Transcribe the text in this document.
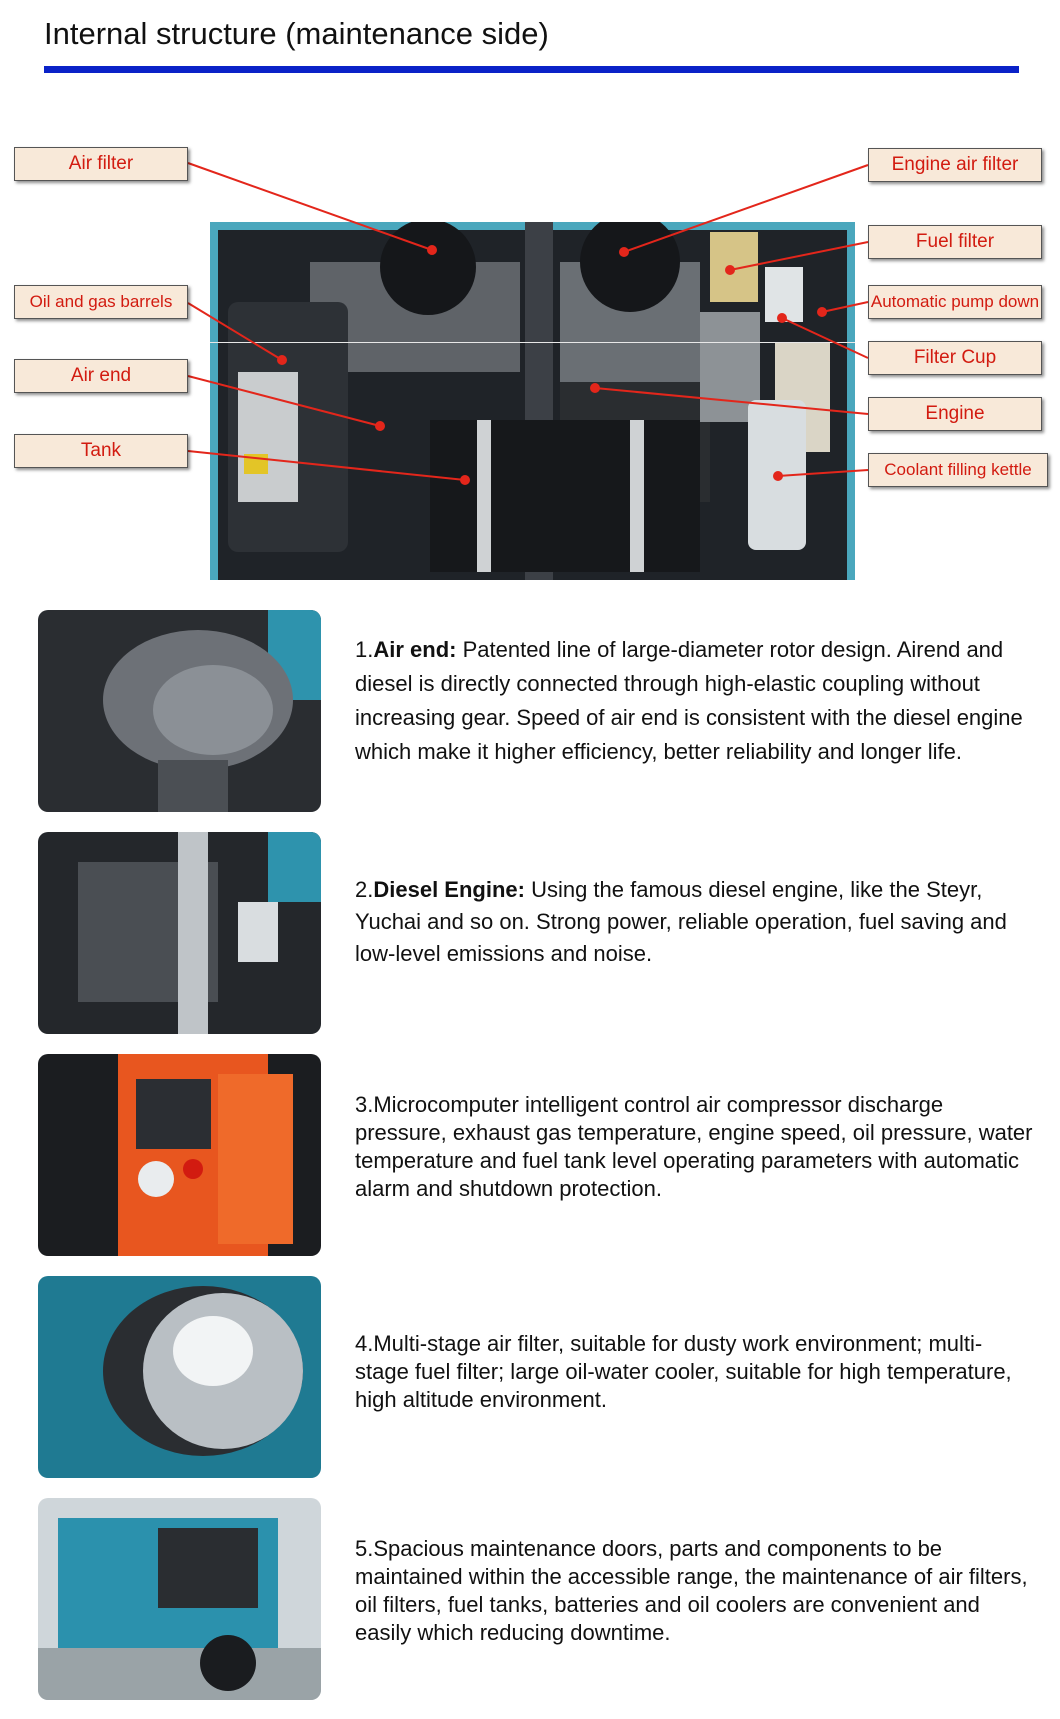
Internal structure (maintenance side)
Air filter
Oil and gas barrels
Air end
Tank
Engine air filter
Fuel filter
Automatic pump down
Filter Cup
Engine
Coolant filling kettle
1.Air end: Patented line of large-diameter rotor design. Airend and diesel is directly connected through high-elastic coupling without increasing gear. Speed of air end is consistent with the diesel engine which make it higher efficiency, better reliability and longer life.
2.Diesel Engine: Using the famous diesel engine, like the Steyr, Yuchai and so on. Strong power, reliable operation, fuel saving and low-level emissions and noise.
3.Microcomputer intelligent control air compressor discharge pressure, exhaust gas temperature, engine speed, oil pressure, water temperature and fuel tank level operating parameters with automatic alarm and shutdown protection.
4.Multi-stage air filter, suitable for dusty work environment; multi-stage fuel filter; large oil-water cooler, suitable for high temperature, high altitude environment.
5.Spacious maintenance doors, parts and components to be maintained within the accessible range, the maintenance of air filters, oil filters, fuel tanks, batteries and oil coolers are convenient and easily which reducing downtime.
